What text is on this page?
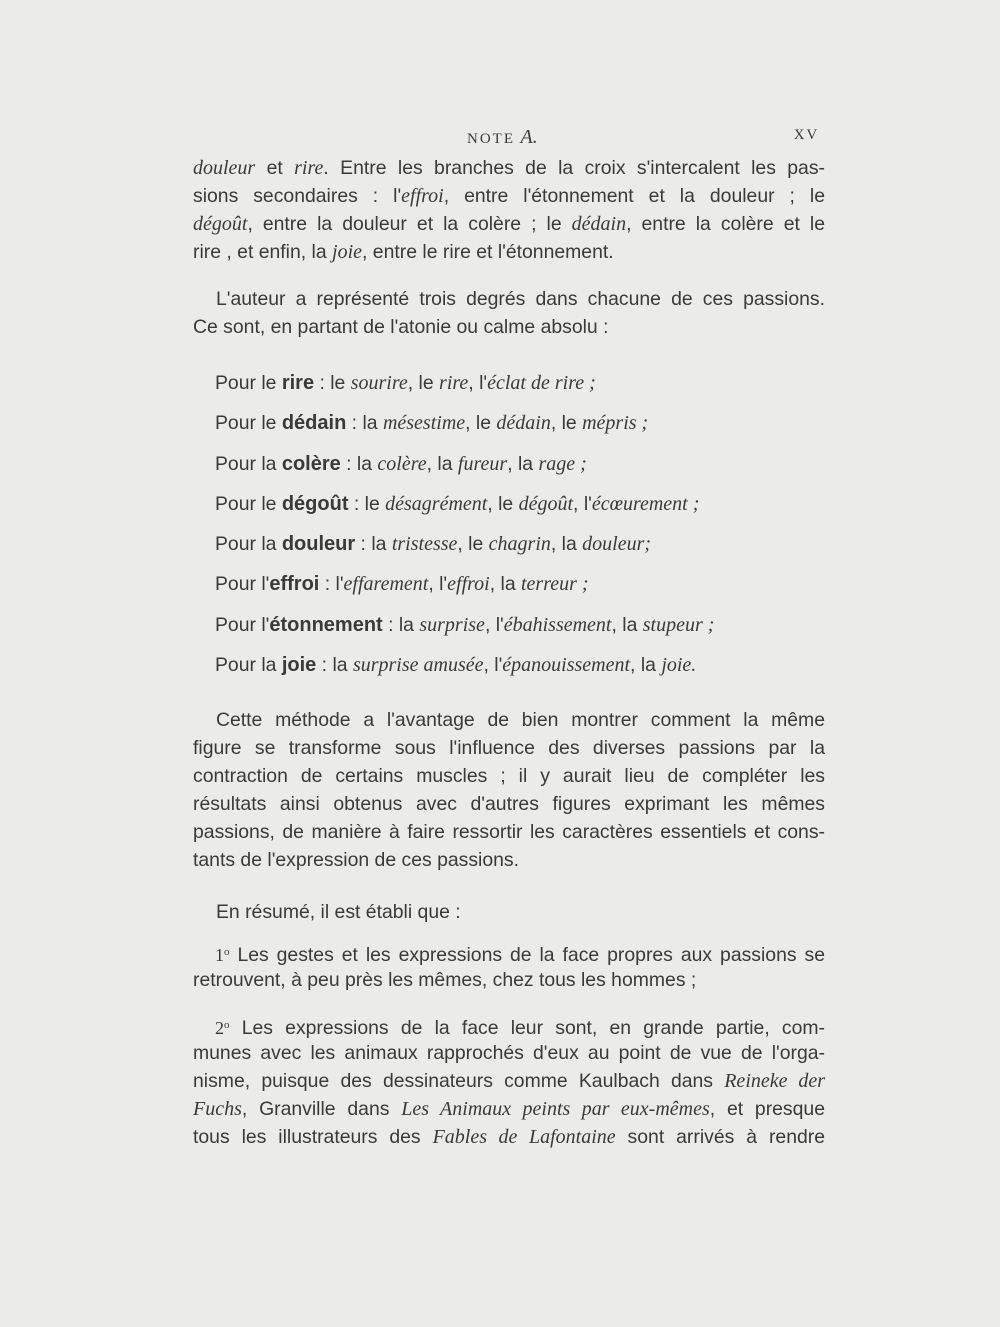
NOTE A.	XV
douleur et rire. Entre les branches de la croix s'intercalent les pas-
sions secondaires : l'effroi, entre l'étonnement et la douleur ; le
dégoût, entre la douleur et la colère ; le dédain, entre la colère et le
rire , et enfin, la joie, entre le rire et l'étonnement.
L'auteur a représenté trois degrés dans chacune de ces passions.
Ce sont, en partant de l'atonie ou calme absolu :
Pour le rire : le sourire, le rire, l'éclat de rire ;
Pour le dédain : la mésestime, le dédain, le mépris ;
Pour la colère : la colère, la fureur, la rage ;
Pour le dégoût : le désagrément, le dégoût, l'écœurement ;
Pour la douleur : la tristesse, le chagrin, la douleur;
Pour l'effroi : l'effarement, l'effroi, la terreur ;
Pour l'étonnement : la surprise, l'ébahissement, la stupeur ;
Pour la joie : la surprise amusée, l'épanouissement, la joie.
Cette méthode a l'avantage de bien montrer comment la même
figure se transforme sous l'influence des diverses passions par la
contraction de certains muscles ; il y aurait lieu de compléter les
résultats ainsi obtenus avec d'autres figures exprimant les mêmes
passions, de manière à faire ressortir les caractères essentiels et cons-
tants de l'expression de ces passions.
En résumé, il est établi que :
1$^o$ Les gestes et les expressions de la face propres aux passions se
retrouvent, à peu près les mêmes, chez tous les hommes ;
2$^o$ Les expressions de la face leur sont, en grande partie, com-
munes avec les animaux rapprochés d'eux au point de vue de l'orga-
nisme, puisque des dessinateurs comme Kaulbach dans Reineke der
Fuchs, Granville dans Les Animaux peints par eux-mêmes, et presque
tous les illustrateurs des Fables de Lafontaine sont arrivés à rendre
